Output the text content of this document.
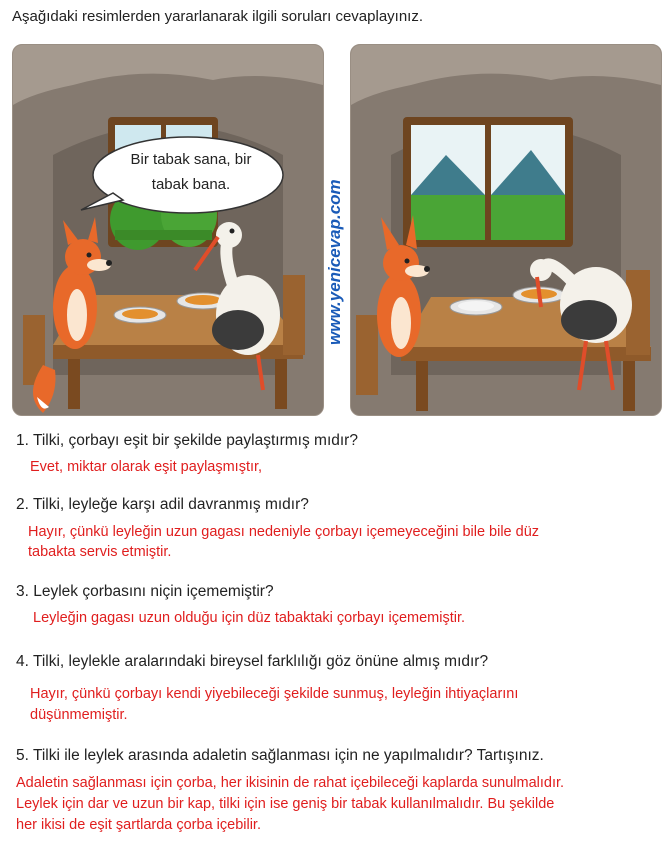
Aşağıdaki resimlerden yararlanarak ilgili soruları cevaplayınız.
Bir tabak sana, bir
tabak bana.	www.yenicevap.com
1. Tilki, çorbayı eşit bir şekilde paylaştırmış mıdır?
Evet, miktar olarak eşit paylaşmıştır,
2. Tilki, leyleğe karşı adil davranmış mıdır?
Hayır, çünkü leyleğin uzun gagası nedeniyle çorbayı içemeyeceğini bile bile düz
tabakta servis etmiştir.
3. Leylek çorbasını niçin içememiştir?
Leyleğin gagası uzun olduğu için düz tabaktaki çorbayı içememiştir.
4. Tilki, leylekle aralarındaki bireysel farklılığı göz önüne almış mıdır?
Hayır, çünkü çorbayı kendi yiyebileceği şekilde sunmuş, leyleğin ihtiyaçlarını
düşünmemiştir.
5. Tilki ile leylek arasında adaletin sağlanması için ne yapılmalıdır? Tartışınız.
Adaletin sağlanması için çorba, her ikisinin de rahat içebileceği kaplarda sunulmalıdır.
Leylek için dar ve uzun bir kap, tilki için ise geniş bir tabak kullanılmalıdır. Bu şekilde
her ikisi de eşit şartlarda çorba içebilir.
